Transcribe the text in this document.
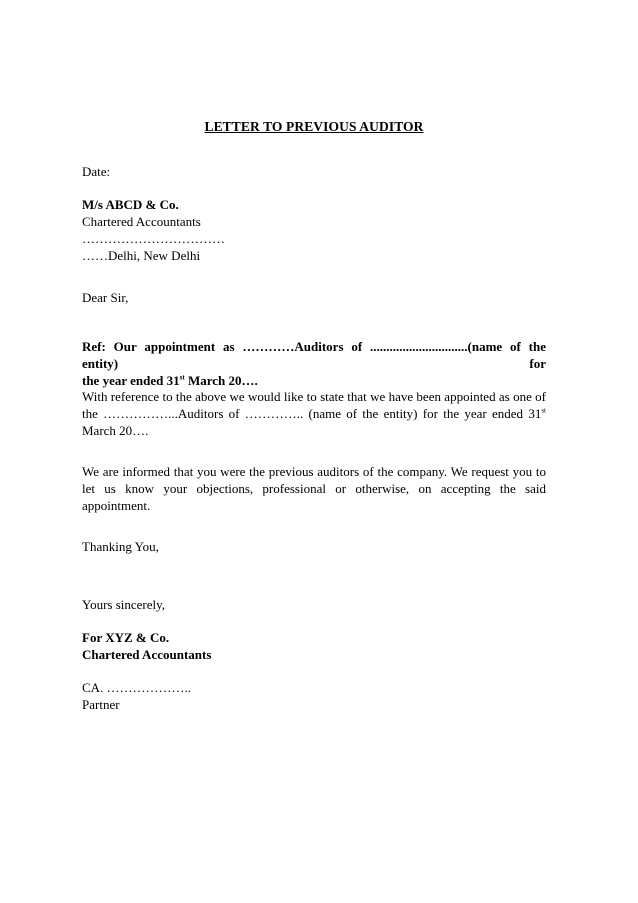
LETTER TO PREVIOUS AUDITOR
Date:
M/s ABCD & Co.
Chartered Accountants
……………………………
……Delhi, New Delhi
Dear Sir,
Ref: Our appointment as …………Auditors of ..............................(name of the entity) for
the year ended 31st March 20….
With reference to the above we would like to state that we have been appointed as one of
the ……………...Auditors of ………….. (name of the entity) for the year ended 31st
March 20….
We are informed that you were the previous auditors of the company. We request you to
let us know your objections, professional or otherwise, on accepting the said
appointment.
Thanking You,
Yours sincerely,
For XYZ & Co.
Chartered Accountants
CA. ………………..
Partner
